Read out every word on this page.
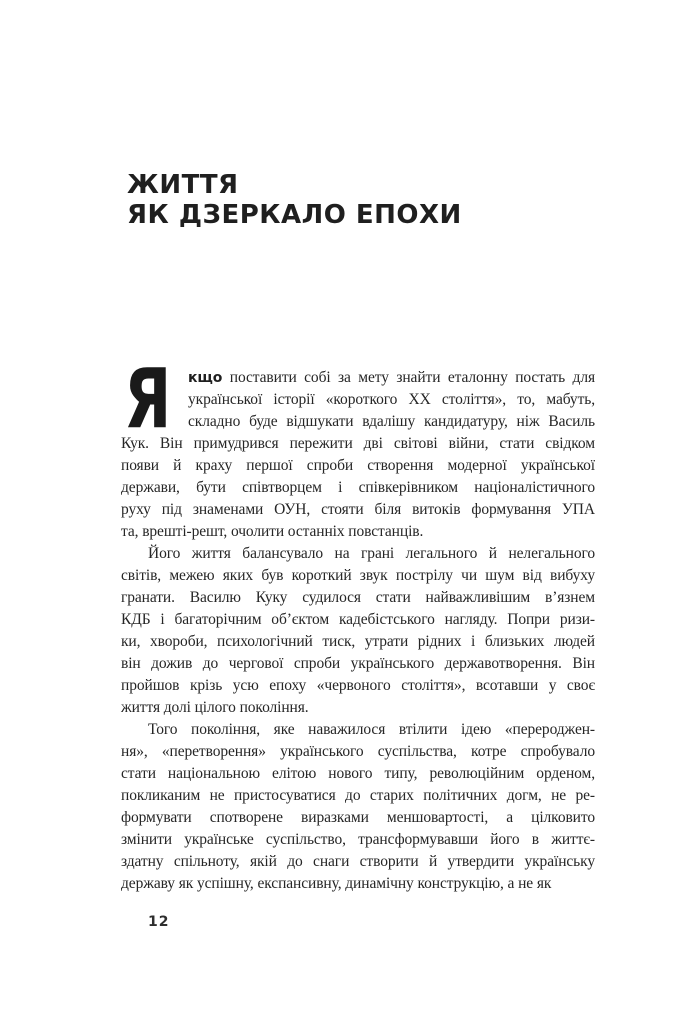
ЖИТТЯ
ЯК ДЗЕРКАЛО ЕПОХИ
Я	кщо поставити собі за мету знайти еталонну постать для
української історії «короткого XX століття», то, мабуть,
складно буде відшукати вдалішу кандидатуру, ніж Василь
Кук. Він примудрився пережити дві світові війни, стати свідком
появи й краху першої спроби створення модерної української
держави, бути співтворцем і співкерівником націоналістичного
руху під знаменами ОУН, стояти біля витоків формування УПА
та, врешті-решт, очолити останніх повстанців.
Його життя балансувало на грані легального й нелегального
світів, межею яких був короткий звук пострілу чи шум від вибуху
гранати. Василю Куку судилося стати найважливішим в’язнем
КДБ і багаторічним об’єктом кадебістського нагляду. Попри ризи-
ки, хвороби, психологічний тиск, утрати рідних і близьких людей
він дожив до чергової спроби українського державотворення. Він
пройшов крізь усю епоху «червоного століття», всотавши у своє
життя долі цілого покоління.
Того покоління, яке наважилося втілити ідею «перероджен-
ня», «перетворення» українського суспільства, котре спробувало
стати національною елітою нового типу, революційним орденом,
покликаним не пристосуватися до старих політичних догм, не ре-
формувати спотворене виразками меншовартості, а цілковито
змінити українське суспільство, трансформувавши його в життє-
здатну спільноту, якій до снаги створити й утвердити українську
державу як успішну, експансивну, динамічну конструкцію, а не як
12
